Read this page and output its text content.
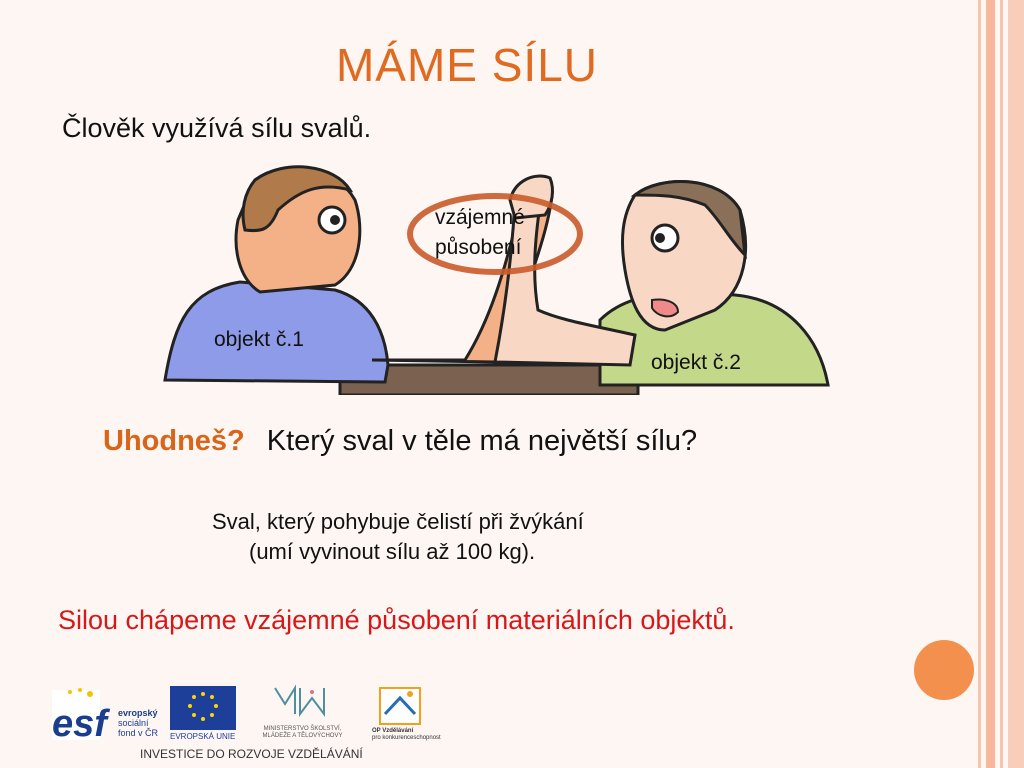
MÁME SÍLU
Člověk využívá sílu svalů.
vzájemné
působení
objekt č.1
objekt č.2
Uhodneš? Který sval v těle má největší sílu?
Sval, který pohybuje čelistí při žvýkání
(umí vyvinout sílu až 100 kg).
Silou chápeme vzájemné působení materiálních objektů.
esf	evropský
sociální
fond v ČR EVROPSKÁ UNIE
MINISTERSTVO ŠKOLSTVÍ,
MLÁDEŽE A TĚLOVÝCHOVY
OP Vzdělávání
pro konkurenceschopnost
INVESTICE DO ROZVOJE VZDĚLÁVÁNÍ
